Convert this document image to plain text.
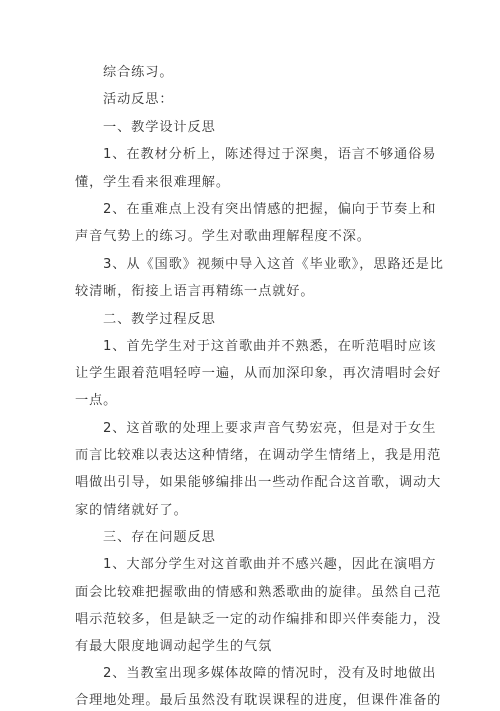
综合练习。
活动反思：
一、教学设计反思
1、在教材分析上，陈述得过于深奥，语言不够通俗易
懂，学生看来很难理解。
2、在重难点上没有突出情感的把握，偏向于节奏上和
声音气势上的练习。学生对歌曲理解程度不深。
3、从《国歌》视频中导入这首《毕业歌》，思路还是比
较清晰，衔接上语言再精练一点就好。
二、教学过程反思
1、首先学生对于这首歌曲并不熟悉，在听范唱时应该
让学生跟着范唱轻哼一遍，从而加深印象，再次清唱时会好
一点。
2、这首歌的处理上要求声音气势宏亮，但是对于女生
而言比较难以表达这种情绪，在调动学生情绪上，我是用范
唱做出引导，如果能够编排出一些动作配合这首歌，调动大
家的情绪就好了。
三、存在问题反思
1、大部分学生对这首歌曲并不感兴趣，因此在演唱方
面会比较难把握歌曲的情感和熟悉歌曲的旋律。虽然自己范
唱示范较多，但是缺乏一定的动作编排和即兴伴奏能力，没
有最大限度地调动起学生的气氛
2、当教室出现多媒体故障的情况时，没有及时地做出
合理地处理。最后虽然没有耽误课程的进度，但课件准备的
